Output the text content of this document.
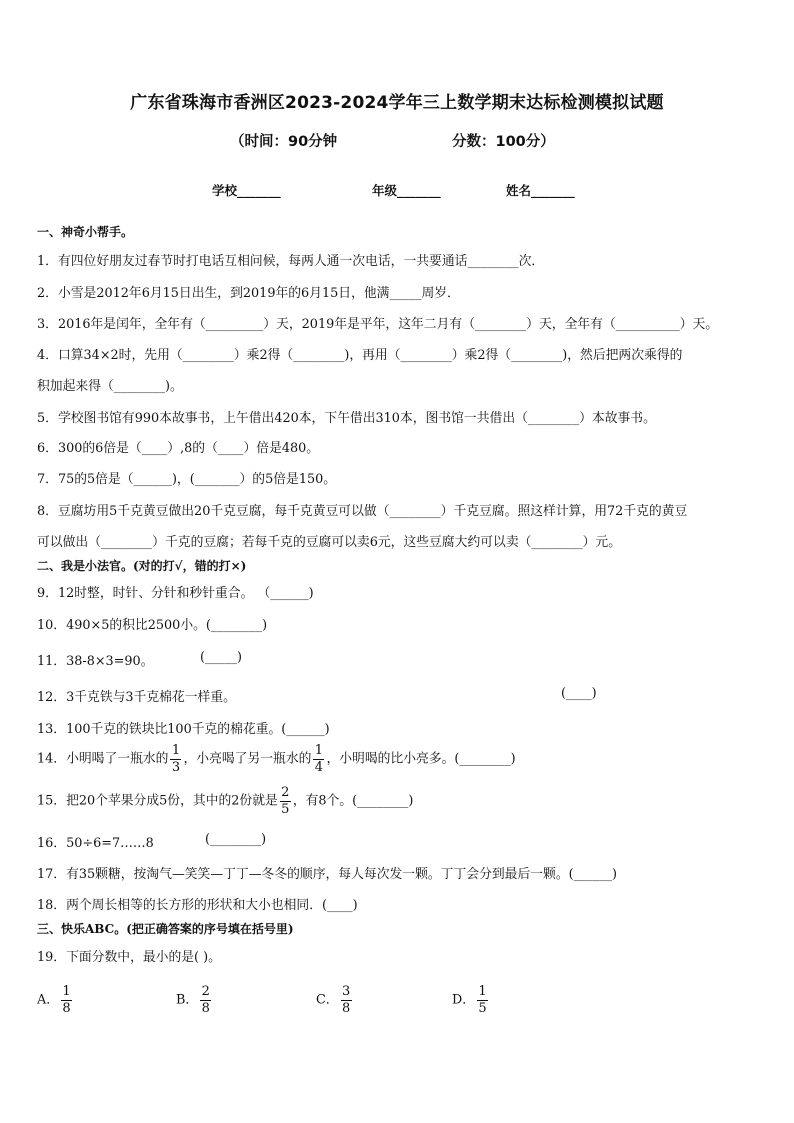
广东省珠海市香洲区2023-2024学年三上数学期末达标检测模拟试题
（时间：90分钟	分数：100分）
学校_______	年级_______	姓名_______
一、神奇小帮手。
1．有四位好朋友过春节时打电话互相问候，每两人通一次电话，一共要通话________次．
2．小雪是2012年6月15日出生，到2019年的6月15日，他满_____周岁．
3．2016年是闰年，全年有（_________）天，2019年是平年，这年二月有（________）天，全年有（__________）天。
4．口算34×2时，先用（________）乘2得（________)，再用（________）乘2得（________)，然后把两次乘得的
积加起来得（________)。
5．学校图书馆有990本故事书，上午借出420本，下午借出310本，图书馆一共借出（________）本故事书。
6．300的6倍是（____）,8的（____）倍是480。
7．75的5倍是（______)，(_______）的5倍是150。
8．豆腐坊用5千克黄豆做出20千克豆腐，每千克黄豆可以做（________）千克豆腐。照这样计算，用72千克的黄豆
可以做出（________）千克的豆腐；若每千克的豆腐可以卖6元，这些豆腐大约可以卖（________）元。
二、我是小法官。(对的打√，错的打×)
9．12时整，时针、分针和秒针重合。 （______)
10．490×5的积比2500小。(________)
11．38-8×3=90。	(_____)
12．3千克铁与3千克棉花一样重。	(____)
13．100千克的铁块比100千克的棉花重。(______)
14．小明喝了一瓶水的 $\frac{1}{3}$ ，小亮喝了另一瓶水的 $\frac{1}{4}$ ，小明喝的比小亮多。(________)
15．把20个苹果分成5份，其中的2份就是 $\frac{2}{5}$ ，有8个。(________)
16．50÷6=7……8	(________)
17．有35颗糖，按淘气—笑笑—丁丁—冬冬的顺序，每人每次发一颗。丁丁会分到最后一颗。(______)
18．两个周长相等的长方形的形状和大小也相同．(____)
三、快乐ABC。(把正确答案的序号填在括号里)
19．下面分数中，最小的是( )。
A． $\frac{1}{8}$	B． $\frac{2}{8}$	C． $\frac{3}{8}$	D． $\frac{1}{5}$
